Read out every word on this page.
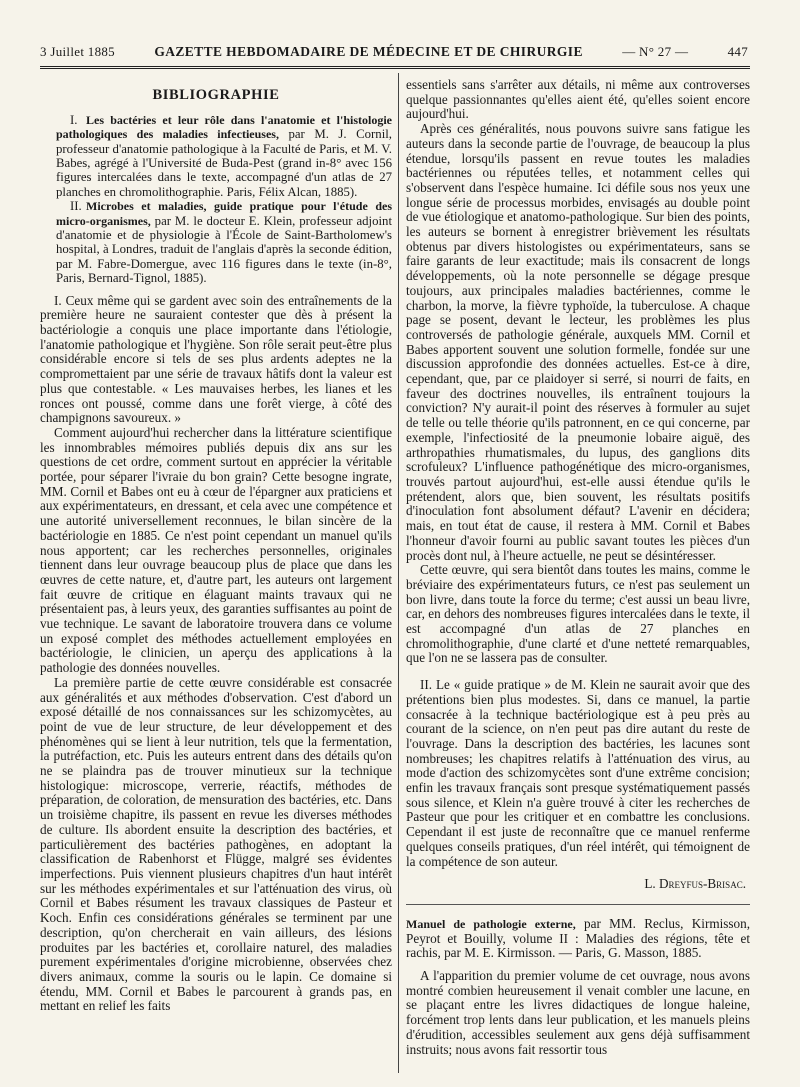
3 Juillet 1885	GAZETTE HEBDOMADAIRE DE MÉDECINE ET DE CHIRURGIE	— N° 27 —	447
BIBLIOGRAPHIE

I. Les bactéries et leur rôle dans l'anatomie et l'histologie pathologiques des maladies infectieuses, par M. J. Cornil, professeur d'anatomie pathologique à la Faculté de Paris, et M. V. Babes, agrégé à l'Université de Buda-Pest (grand in-8° avec 156 figures intercalées dans le texte, accompagné d'un atlas de 27 planches en chromolithographie. Paris, Félix Alcan, 1885).

II. Microbes et maladies, guide pratique pour l'étude des micro-organismes, par M. le docteur E. Klein, professeur adjoint d'anatomie et de physiologie à l'École de Saint-Bartholomew's hospital, à Londres, traduit de l'anglais d'après la seconde édition, par M. Fabre-Domergue, avec 116 figures dans le texte (in-8°, Paris, Bernard-Tignol, 1885).

I. Ceux même qui se gardent avec soin des entraînements de la première heure ne sauraient contester que dès à présent la bactériologie a conquis une place importante dans l'étiologie, l'anatomie pathologique et l'hygiène. Son rôle serait peut-être plus considérable encore si tels de ses plus ardents adeptes ne la compromettaient par une série de travaux hâtifs dont la valeur est plus que contestable. « Les mauvaises herbes, les lianes et les ronces ont poussé, comme dans une forêt vierge, à côté des champignons savoureux. »

Comment aujourd'hui rechercher dans la littérature scientifique les innombrables mémoires publiés depuis dix ans sur les questions de cet ordre, comment surtout en apprécier la véritable portée, pour séparer l'ivraie du bon grain? Cette besogne ingrate, MM. Cornil et Babes ont eu à cœur de l'épargner aux praticiens et aux expérimentateurs, en dressant, et cela avec une compétence et une autorité universellement reconnues, le bilan sincère de la bactériologie en 1885. Ce n'est point cependant un manuel qu'ils nous apportent; car les recherches personnelles, originales tiennent dans leur ouvrage beaucoup plus de place que dans les œuvres de cette nature, et, d'autre part, les auteurs ont largement fait œuvre de critique en élaguant maints travaux qui ne présentaient pas, à leurs yeux, des garanties suffisantes au point de vue technique. Le savant de laboratoire trouvera dans ce volume un exposé complet des méthodes actuellement employées en bactériologie, le clinicien, un aperçu des applications à la pathologie des données nouvelles.

La première partie de cette œuvre considérable est consacrée aux généralités et aux méthodes d'observation. C'est d'abord un exposé détaillé de nos connaissances sur les schizomycètes, au point de vue de leur structure, de leur développement et des phénomènes qui se lient à leur nutrition, tels que la fermentation, la putréfaction, etc. Puis les auteurs entrent dans des détails qu'on ne se plaindra pas de trouver minutieux sur la technique histologique: microscope, verrerie, réactifs, méthodes de préparation, de coloration, de mensuration des bactéries, etc. Dans un troisième chapitre, ils passent en revue les diverses méthodes de culture. Ils abordent ensuite la description des bactéries, et particulièrement des bactéries pathogènes, en adoptant la classification de Rabenhorst et Flügge, malgré ses évidentes imperfections. Puis viennent plusieurs chapitres d'un haut intérêt sur les méthodes expérimentales et sur l'atténuation des virus, où Cornil et Babes résument les travaux classiques de Pasteur et Koch. Enfin ces considérations générales se terminent par une description, qu'on chercherait en vain ailleurs, des lésions produites par les bactéries et, corollaire naturel, des maladies purement expérimentales d'origine microbienne, observées chez divers animaux, comme la souris ou le lapin. Ce domaine si étendu, MM. Cornil et Babes le parcourent à grands pas, en mettant en relief les faits

essentiels sans s'arrêter aux détails, ni même aux controverses quelque passionnantes qu'elles aient été, qu'elles soient encore aujourd'hui.

Après ces généralités, nous pouvons suivre sans fatigue les auteurs dans la seconde partie de l'ouvrage, de beaucoup la plus étendue, lorsqu'ils passent en revue toutes les maladies bactériennes ou réputées telles, et notamment celles qui s'observent dans l'espèce humaine. Ici défile sous nos yeux une longue série de processus morbides, envisagés au double point de vue étiologique et anatomo-pathologique. Sur bien des points, les auteurs se bornent à enregistrer brièvement les résultats obtenus par divers histologistes ou expérimentateurs, sans se faire garants de leur exactitude; mais ils consacrent de longs développements, où la note personnelle se dégage presque toujours, aux principales maladies bactériennes, comme le charbon, la morve, la fièvre typhoïde, la tuberculose. A chaque page se posent, devant le lecteur, les problèmes les plus controversés de pathologie générale, auxquels MM. Cornil et Babes apportent souvent une solution formelle, fondée sur une discussion approfondie des données actuelles. Est-ce à dire, cependant, que, par ce plaidoyer si serré, si nourri de faits, en faveur des doctrines nouvelles, ils entraînent toujours la conviction? N'y aurait-il point des réserves à formuler au sujet de telle ou telle théorie qu'ils patronnent, en ce qui concerne, par exemple, l'infectiosité de la pneumonie lobaire aiguë, des arthropathies rhumatismales, du lupus, des ganglions dits scrofuleux? L'influence pathogénétique des micro-organismes, trouvés partout aujourd'hui, est-elle aussi étendue qu'ils le prétendent, alors que, bien souvent, les résultats positifs d'inoculation font absolument défaut? L'avenir en décidera; mais, en tout état de cause, il restera à MM. Cornil et Babes l'honneur d'avoir fourni au public savant toutes les pièces d'un procès dont nul, à l'heure actuelle, ne peut se désintéresser.

Cette œuvre, qui sera bientôt dans toutes les mains, comme le bréviaire des expérimentateurs futurs, ce n'est pas seulement un bon livre, dans toute la force du terme; c'est aussi un beau livre, car, en dehors des nombreuses figures intercalées dans le texte, il est accompagné d'un atlas de 27 planches en chromolithographie, d'une clarté et d'une netteté remarquables, que l'on ne se lassera pas de consulter.

II. Le « guide pratique » de M. Klein ne saurait avoir que des prétentions bien plus modestes. Si, dans ce manuel, la partie consacrée à la technique bactériologique est à peu près au courant de la science, on n'en peut pas dire autant du reste de l'ouvrage. Dans la description des bactéries, les lacunes sont nombreuses; les chapitres relatifs à l'atténuation des virus, au mode d'action des schizomycètes sont d'une extrême concision; enfin les travaux français sont presque systématiquement passés sous silence, et Klein n'a guère trouvé à citer les recherches de Pasteur que pour les critiquer et en combattre les conclusions. Cependant il est juste de reconnaître que ce manuel renferme quelques conseils pratiques, d'un réel intérêt, qui témoignent de la compétence de son auteur.

L. Dreyfus-Brisac.

Manuel de pathologie externe, par MM. Reclus, Kirmisson, Peyrot et Bouilly, volume II : Maladies des régions, tête et rachis, par M. E. Kirmisson. — Paris, G. Masson, 1885.

A l'apparition du premier volume de cet ouvrage, nous avons montré combien heureusement il venait combler une lacune, en se plaçant entre les livres didactiques de longue haleine, forcément trop lents dans leur publication, et les manuels pleins d'érudition, accessibles seulement aux gens déjà suffisamment instruits; nous avons fait ressortir tous
